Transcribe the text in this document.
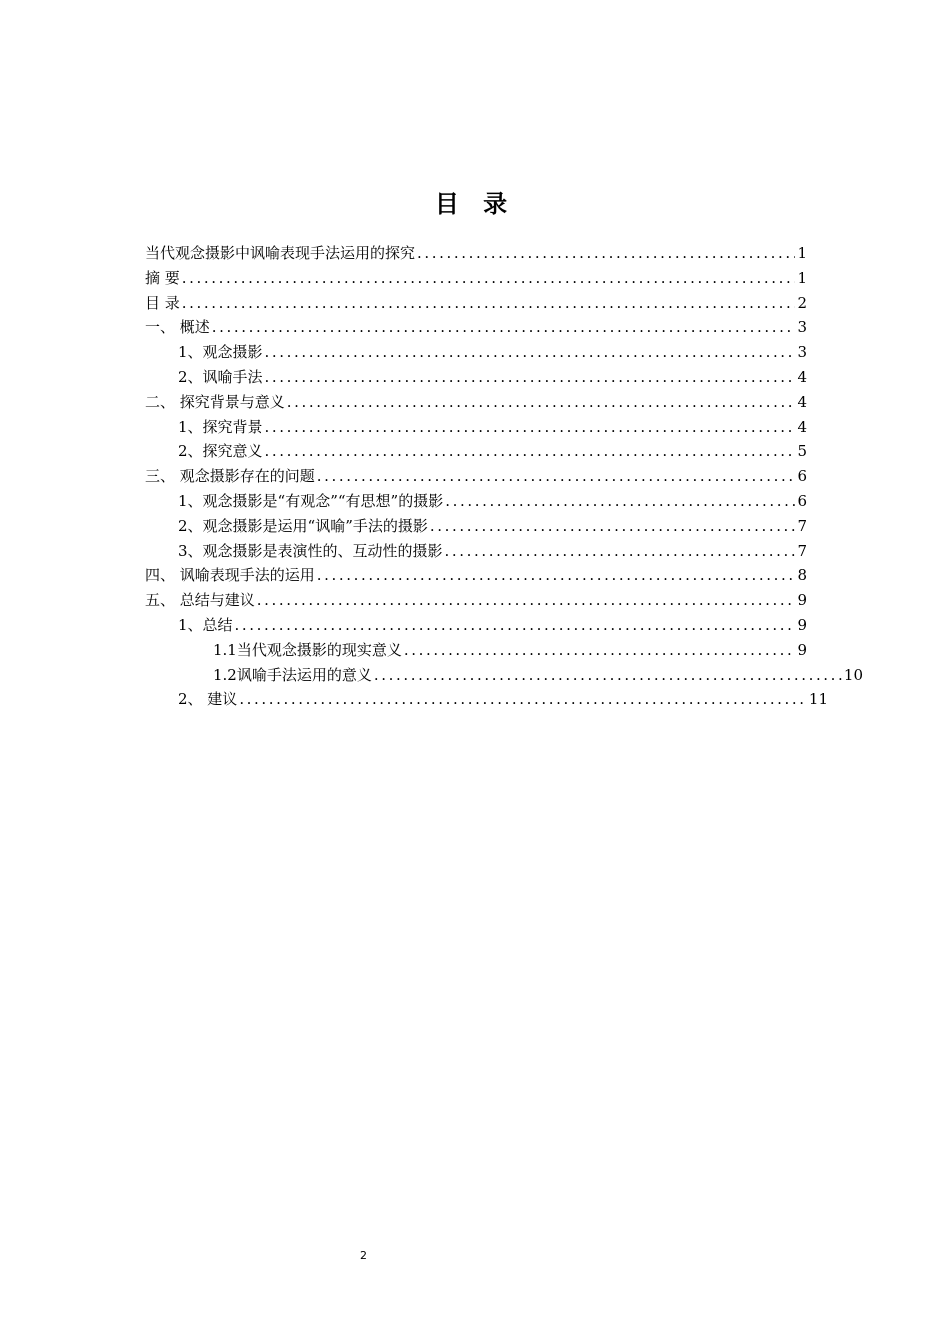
目 录
当代观念摄影中讽喻表现手法运用的探究 .....	1
摘 要 .....	1
目 录 .....	2
一、 概述 .....	3
1、观念摄影 .....	3
2、讽喻手法 .....	4
二、 探究背景与意义 .....	4
1、探究背景 .....	4
2、探究意义 .....	5
三、 观念摄影存在的问题 .....	6
1、观念摄影是“有观念”“有思想”的摄影 .....	6
2、观念摄影是运用“讽喻”手法的摄影 .....	7
3、观念摄影是表演性的、互动性的摄影 .....	7
四、 讽喻表现手法的运用 .....	8
五、 总结与建议 .....	9
1、总结 .....	9
1.1当代观念摄影的现实意义 .....	9
1.2讽喻手法运用的意义 .....	10
2、 建议 .....	11
2
